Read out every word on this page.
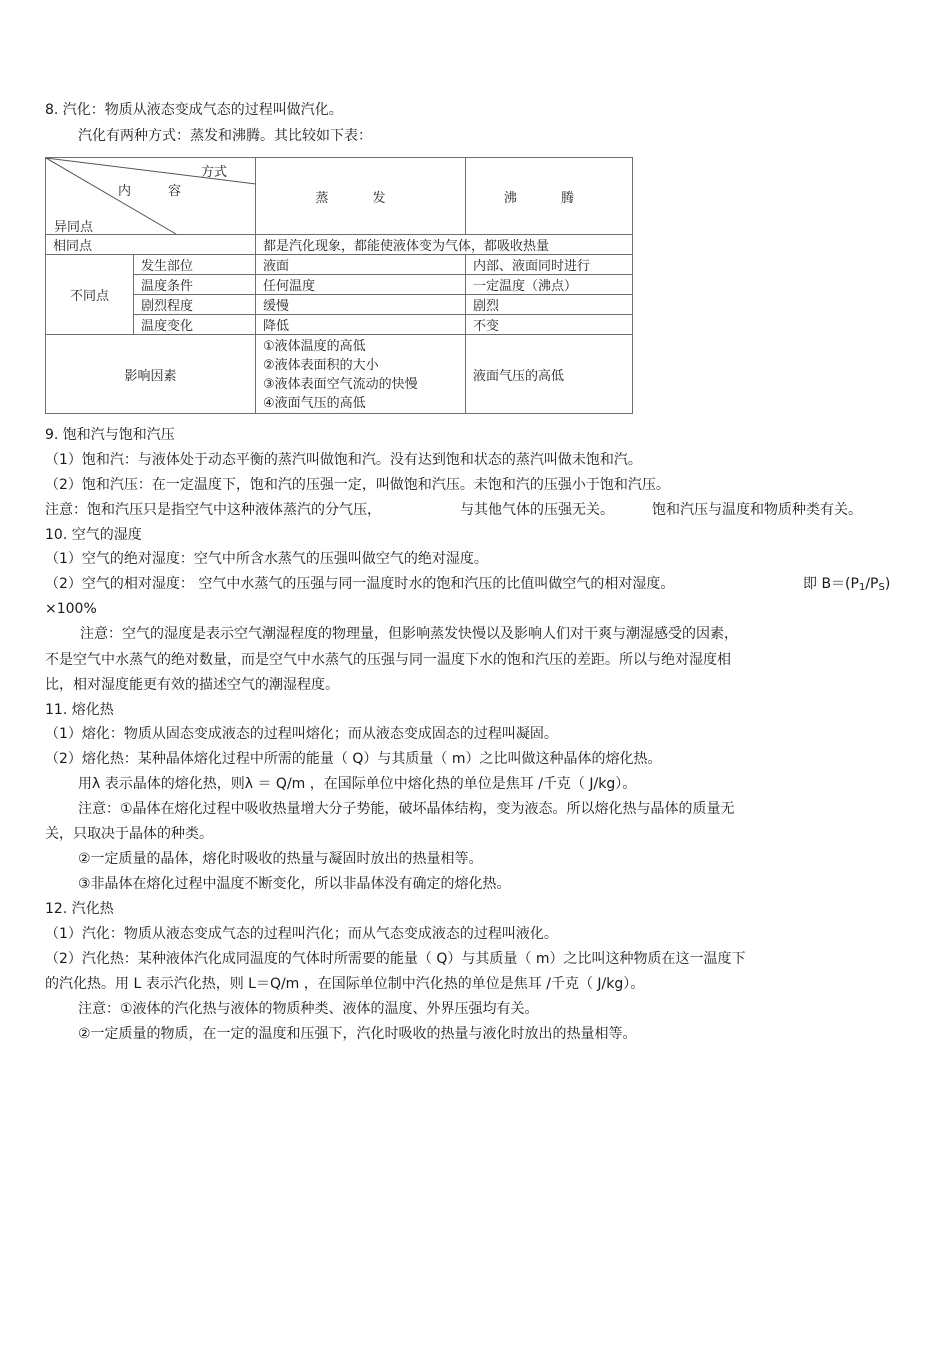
8. 汽化：物质从液态变成气态的过程叫做汽化。
汽化有两种方式：蒸发和沸腾。其比较如下表：
方式
内 容
异同点		蒸 发	沸 腾
相同点		都是汽化现象，都能使液体变为气体，都吸收热量	
不同点	发生部位	液面	内部、液面同时进行
	温度条件	任何温度	一定温度（沸点）
	剧烈程度	缓慢	剧烈
	温度变化	降低	不变
影响因素		①液体温度的高低
②液体表面积的大小
③液体表面空气流动的快慢
④液面气压的高低	液面气压的高低
9. 饱和汽与饱和汽压
（1）饱和汽：与液体处于动态平衡的蒸汽叫做饱和汽。没有达到饱和状态的蒸汽叫做未饱和汽。
（2）饱和汽压：在一定温度下，饱和汽的压强一定，叫做饱和汽压。未饱和汽的压强小于饱和汽压。
注意：饱和汽压只是指空气中这种液体蒸汽的分气压，	与其他气体的压强无关。	饱和汽压与温度和物质种类有关。
10. 空气的湿度
（1）空气的绝对湿度：空气中所含水蒸气的压强叫做空气的绝对湿度。
（2）空气的相对湿度： 空气中水蒸气的压强与同一温度时水的饱和汽压的比值叫做空气的相对湿度。	即 $B=(P_1/P_S)$
×100%
注意：空气的湿度是表示空气潮湿程度的物理量，但影响蒸发快慢以及影响人们对干爽与潮湿感受的因素，
不是空气中水蒸气的绝对数量，而是空气中水蒸气的压强与同一温度下水的饱和汽压的差距。所以与绝对湿度相
比，相对湿度能更有效的描述空气的潮湿程度。
11. 熔化热
（1）熔化：物质从固态变成液态的过程叫熔化；而从液态变成固态的过程叫凝固。
（2）熔化热：某种晶体熔化过程中所需的能量（ Q）与其质量（ m）之比叫做这种晶体的熔化热。
用λ 表示晶体的熔化热，则λ ＝ Q/m ，在国际单位中熔化热的单位是焦耳 /千克（ J/kg）。
注意：①晶体在熔化过程中吸收热量增大分子势能，破坏晶体结构，变为液态。所以熔化热与晶体的质量无
关，只取决于晶体的种类。
②一定质量的晶体，熔化时吸收的热量与凝固时放出的热量相等。
③非晶体在熔化过程中温度不断变化，所以非晶体没有确定的熔化热。
12. 汽化热
（1）汽化：物质从液态变成气态的过程叫汽化；而从气态变成液态的过程叫液化。
（2）汽化热：某种液体汽化成同温度的气体时所需要的能量（ Q）与其质量（ m）之比叫这种物质在这一温度下
的汽化热。用 L 表示汽化热，则 L＝Q/m ，在国际单位制中汽化热的单位是焦耳 /千克（ J/kg）。
注意：①液体的汽化热与液体的物质种类、液体的温度、外界压强均有关。
②一定质量的物质，在一定的温度和压强下，汽化时吸收的热量与液化时放出的热量相等。
